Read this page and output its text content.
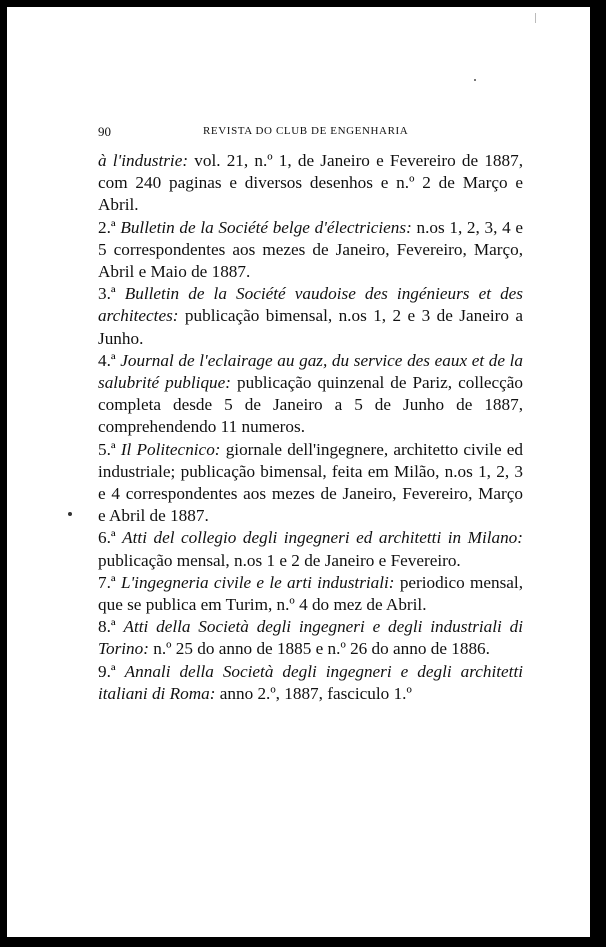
90	REVISTA DO CLUB DE ENGENHARIA

à l'industrie: vol. 21, n.º 1, de Janeiro e Fevereiro de 1887, com 240 paginas e diversos desenhos e n.º 2 de Março e Abril.

2.ª Bulletin de la Société belge d'électriciens: n.os 1, 2, 3, 4 e 5 correspondentes aos mezes de Janeiro, Fevereiro, Março, Abril e Maio de 1887.

3.ª Bulletin de la Société vaudoise des ingénieurs et des architectes: publicação bimensal, n.os 1, 2 e 3 de Janeiro a Junho.

4.ª Journal de l'eclairage au gaz, du service des eaux et de la salubrité publique: publicação quinzenal de Pariz, collecção completa desde 5 de Janeiro a 5 de Junho de 1887, comprehendendo 11 numeros.

5.ª Il Politecnico: giornale dell'ingegnere, architetto civile ed industriale; publicação bimensal, feita em Milão, n.os 1, 2, 3 e 4 correspondentes aos mezes de Janeiro, Fevereiro, Março e Abril de 1887.

6.ª Atti del collegio degli ingegneri ed architetti in Milano: publicação mensal, n.os 1 e 2 de Janeiro e Fevereiro.

7.ª L'ingegneria civile e le arti industriali: periodico mensal, que se publica em Turim, n.º 4 do mez de Abril.

8.ª Atti della Società degli ingegneri e degli industriali di Torino: n.º 25 do anno de 1885 e n.º 26 do anno de 1886.

9.ª Annali della Società degli ingegneri e degli architetti italiani di Roma: anno 2.º, 1887, fasciculo 1.º
